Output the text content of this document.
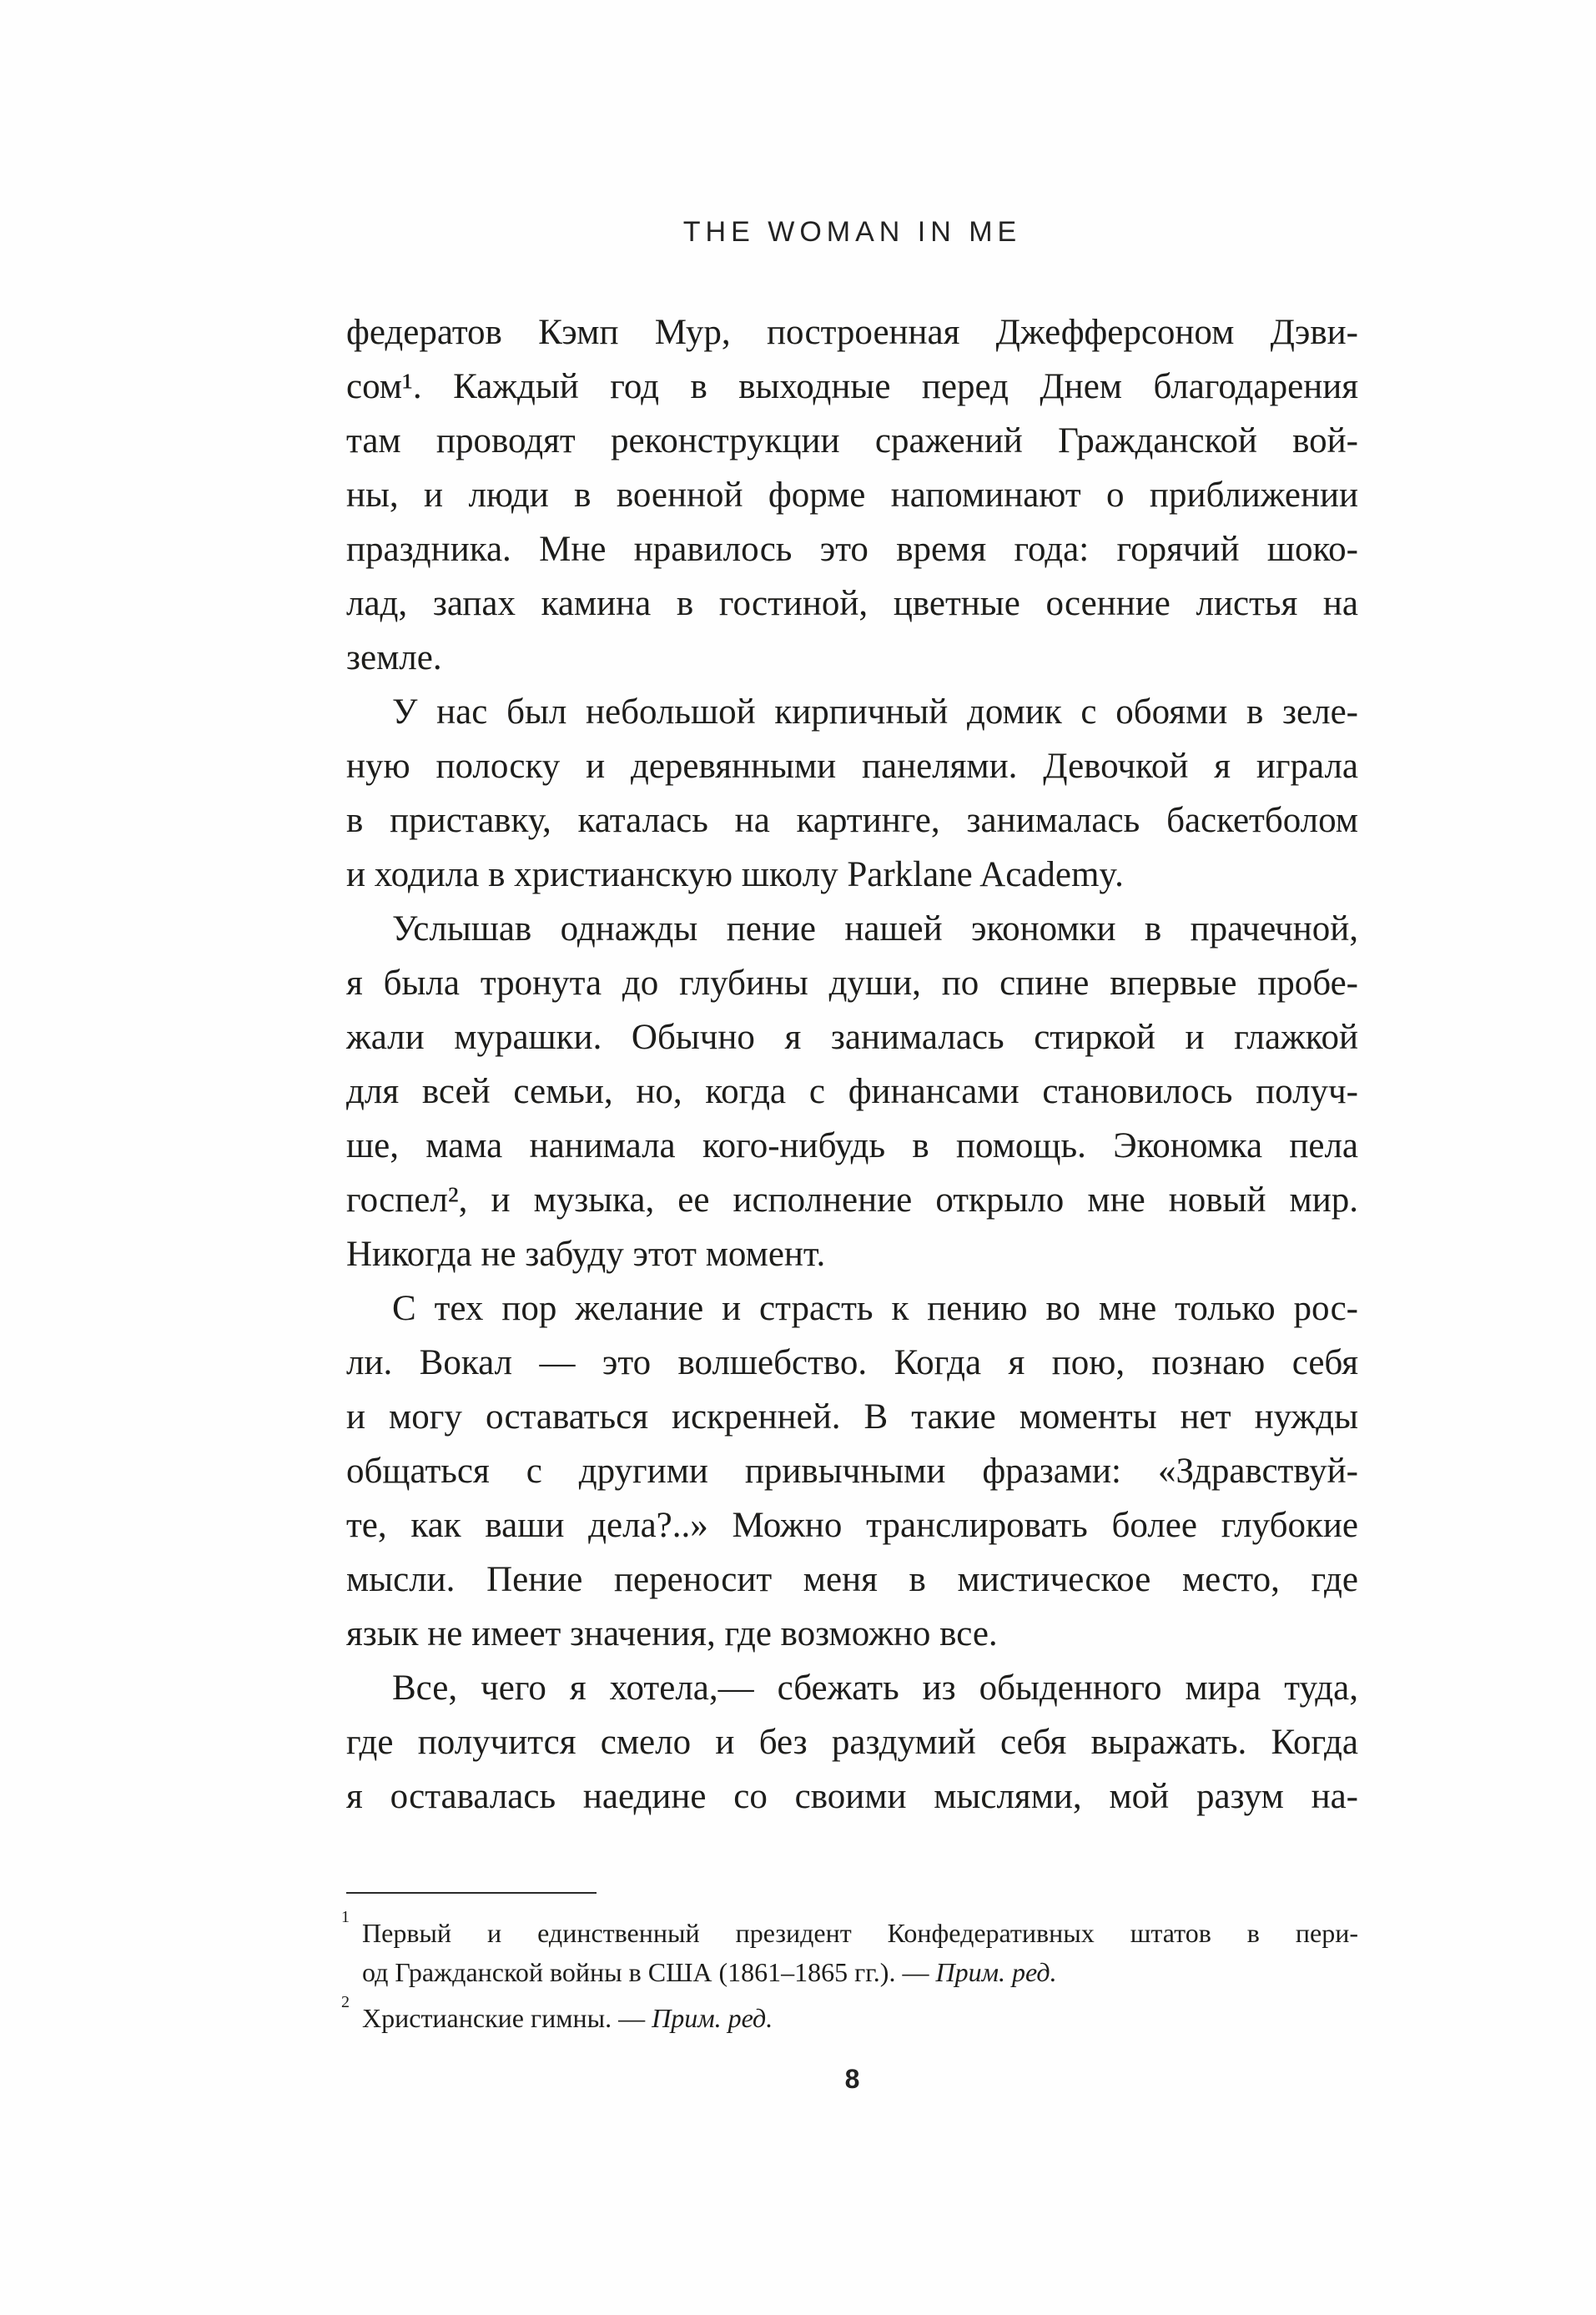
THE WOMAN IN ME
федератов Кэмп Мур, построенная Джефферсоном Дэви-
сом¹. Каждый год в выходные перед Днем благодарения
там проводят реконструкции сражений Гражданской вой-
ны, и люди в военной форме напоминают о приближении
праздника. Мне нравилось это время года: горячий шоко-
лад, запах камина в гостиной, цветные осенние листья на
земле.
У нас был небольшой кирпичный домик с обоями в зеле-
ную полоску и деревянными панелями. Девочкой я играла
в приставку, каталась на картинге, занималась баскетболом
и ходила в христианскую школу Parklane Academy.
Услышав однажды пение нашей экономки в прачечной,
я была тронута до глубины души, по спине впервые пробе-
жали мурашки. Обычно я занималась стиркой и глажкой
для всей семьи, но, когда с финансами становилось получ-
ше, мама нанимала кого-нибудь в помощь. Экономка пела
госпел², и музыка, ее исполнение открыло мне новый мир.
Никогда не забуду этот момент.
С тех пор желание и страсть к пению во мне только рос-
ли. Вокал — это волшебство. Когда я пою, познаю себя
и могу оставаться искренней. В такие моменты нет нужды
общаться с другими привычными фразами: «Здравствуй-
те, как ваши дела?..» Можно транслировать более глубокие
мысли. Пение переносит меня в мистическое место, где
язык не имеет значения, где возможно все.
Все, чего я хотела,— сбежать из обыденного мира туда,
где получится смело и без раздумий себя выражать. Когда
я оставалась наедине со своими мыслями, мой разум на-
1
Первый и единственный президент Конфедеративных штатов в пери-
од Гражданской войны в США (1861–1865 гг.). — Прим. ред.
2
Христианские гимны. — Прим. ред.
8
